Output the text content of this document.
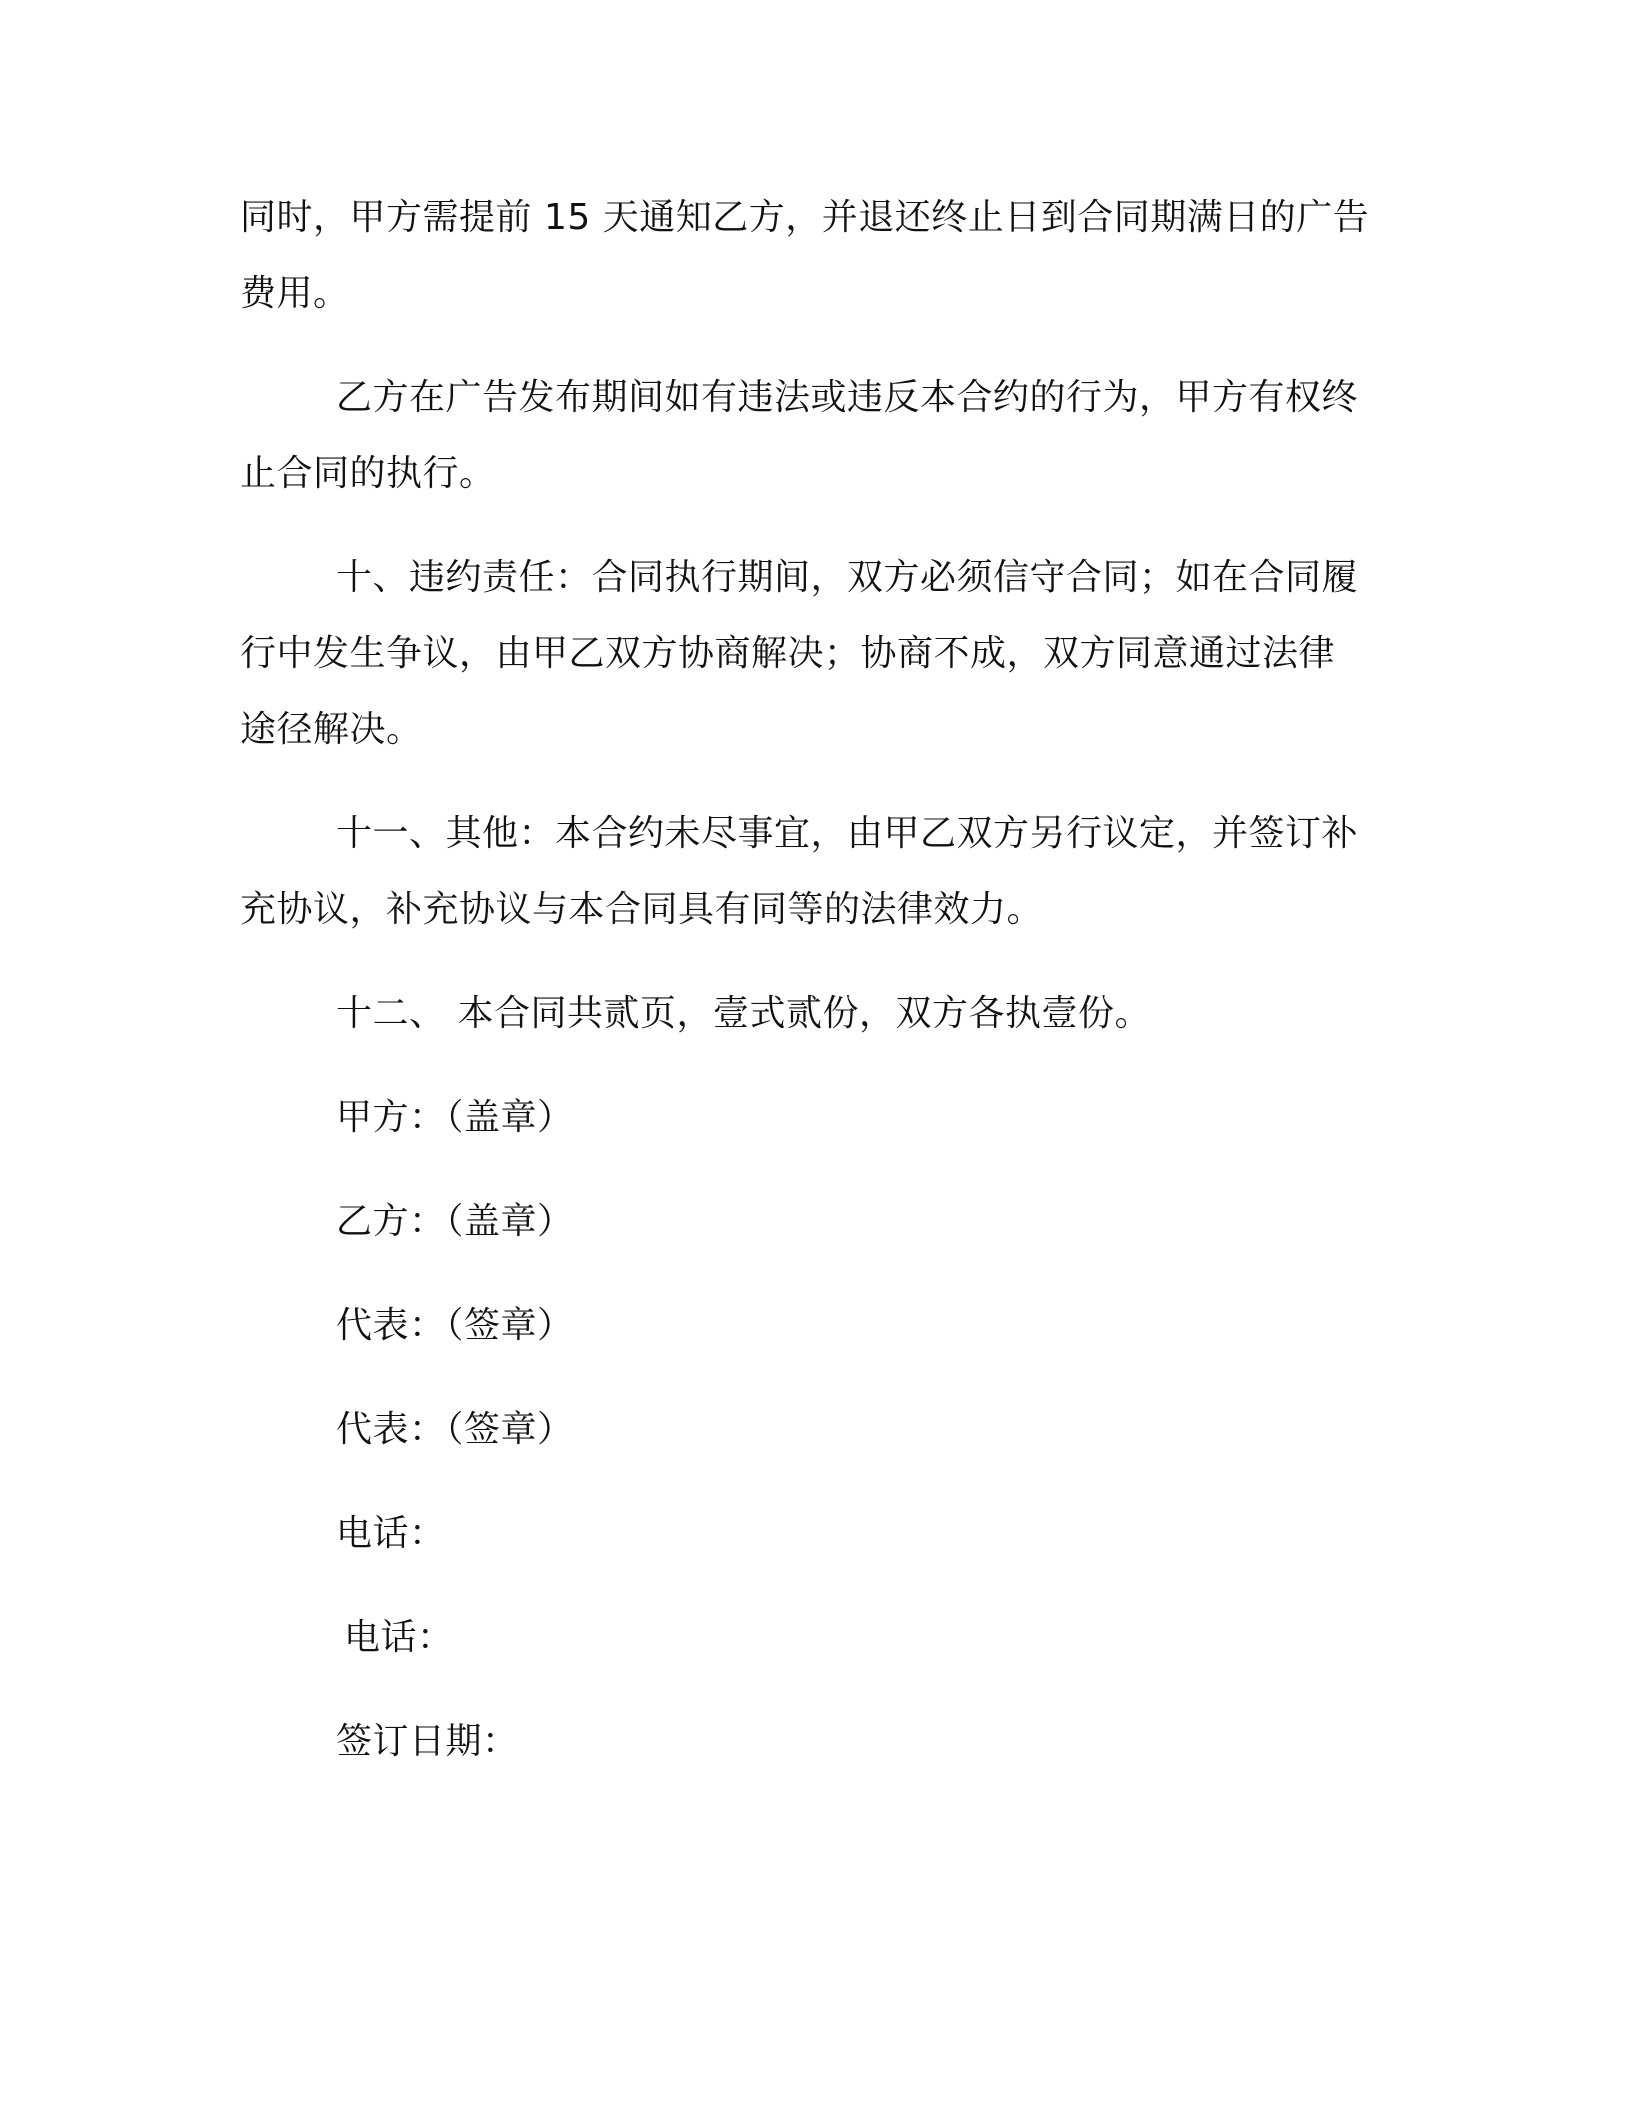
同时，甲方需提前 15 天通知乙方，并退还终止日到合同期满日的广告
费用。
乙方在广告发布期间如有违法或违反本合约的行为，甲方有权终
止合同的执行。
十、违约责任：合同执行期间，双方必须信守合同；如在合同履
行中发生争议，由甲乙双方协商解决；协商不成，双方同意通过法律
途径解决。
十一、其他：本合约未尽事宜，由甲乙双方另行议定，并签订补
充协议，补充协议与本合同具有同等的法律效力。
十二、 本合同共贰页，壹式贰份，双方各执壹份。
甲方：（盖章）
乙方：（盖章）
代表：（签章）
代表：（签章）
电话：
电话：
签订日期：
